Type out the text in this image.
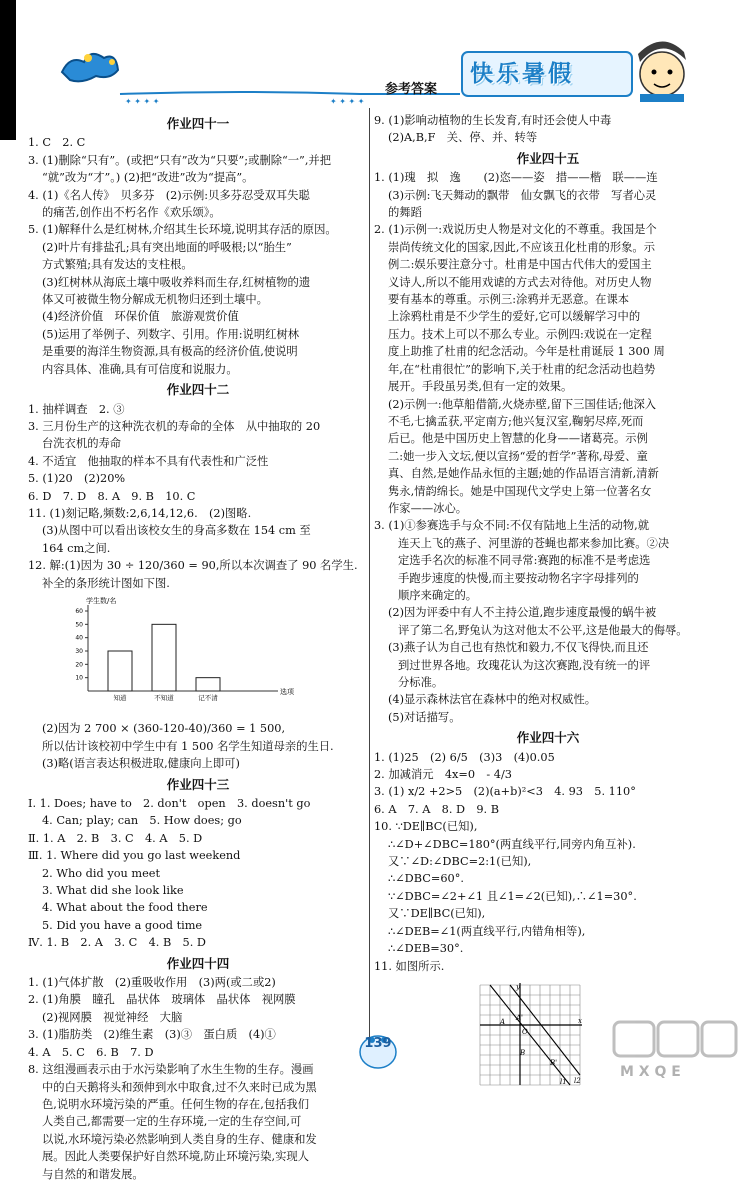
✦ ✦ ✦ ✦	✦ ✦ ✦ ✦
参考答案
快乐暑假
作业四十一
1. C　2. C
3. (1)删除“只有”。(或把“只有”改为“只要”;或删除“一”,并把
“就”改为“才”。) (2)把“改进”改为“提高”。
4. (1)《名人传》　贝多芬　(2)示例:贝多芬忍受双耳失聪
的痛苦,创作出不朽名作《欢乐颂》。
5. (1)解释什么是红树林,介绍其生长环境,说明其存活的原因。
(2)叶片有排盐孔;具有突出地面的呼吸根;以“胎生”
方式繁殖;具有发达的支柱根。
(3)红树林从海底土壤中吸收养料而生存,红树植物的遗
体又可被微生物分解成无机物归还到土壤中。
(4)经济价值　环保价值　旅游观赏价值
(5)运用了举例子、列数字、引用。作用:说明红树林
是重要的海洋生物资源,具有极高的经济价值,使说明
内容具体、准确,具有可信度和说服力。
作业四十二
1. 抽样调查　2. ③
3. 三月份生产的这种洗衣机的寿命的全体　从中抽取的 20
台洗衣机的寿命
4. 不适宜　他抽取的样本不具有代表性和广泛性
5. (1)20　(2)20%
6. D　7. D　8. A　9. B　10. C
11. (1)刻记略,频数:2,6,14,12,6.　(2)图略.
(3)从图中可以看出该校女生的身高多数在 154 cm 至
164 cm之间.
12. 解:(1)因为 30 ÷ 120/360 = 90,所以本次调查了 90 名学生.
补全的条形统计图如下图.
学生数/名
选项
10
20
30
40
50
60
知道	不知道	记不清
(2)因为 2 700 × (360-120-40)/360 = 1 500,
所以估计该校初中学生中有 1 500 名学生知道母亲的生日.
(3)略(语言表达积极进取,健康向上即可)
作业四十三
Ⅰ. 1. Does; have to　2. don't　open　3. doesn't go
4. Can; play; can　5. How does; go
Ⅱ. 1. A　2. B　3. C　4. A　5. D
Ⅲ. 1. Where did you go last weekend
2. Who did you meet
3. What did she look like
4. What about the food there
5. Did you have a good time
Ⅳ. 1. B　2. A　3. C　4. B　5. D
作业四十四
1. (1)气体扩散　(2)重吸收作用　(3)两(或二或2)
2. (1)角膜　瞳孔　晶状体　玻璃体　晶状体　视网膜
(2)视网膜　视觉神经　大脑
3. (1)脂肪类　(2)维生素　(3)③　蛋白质　(4)①
4. A　5. C　6. B　7. D
8. 这组漫画表示由于水污染影响了水生生物的生存。漫画
中的白天鹅将头和颈伸到水中取食,过不久来时已成为黑
色,说明水环境污染的严重。任何生物的存在,包括我们
人类自己,都需要一定的生存环境,一定的生存空间,可
以说,水环境污染必然影响到人类自身的生存、健康和发
展。因此人类要保护好自然环境,防止环境污染,实现人
与自然的和谐发展。
9. (1)影响动植物的生长发育,有时还会使人中毒
(2)A,B,F　关、停、并、转等
作业四十五
1. (1)瑰　拟　逸　　(2)恣——姿　措——楷　联——连
(3)示例:飞天舞动的飘带　仙女飘飞的衣带　写者心灵
的舞蹈
2. (1)示例一:戏说历史人物是对文化的不尊重。我国是个
崇尚传统文化的国家,因此,不应该丑化杜甫的形象。示
例二:娱乐要注意分寸。杜甫是中国古代伟大的爱国主
义诗人,所以不能用戏谑的方式去对待他。对历史人物
要有基本的尊重。示例三:涂鸦并无恶意。在课本
上涂鸦杜甫是不少学生的爱好,它可以缓解学习中的
压力。技术上可以不那么专业。示例四:戏说在一定程
度上助推了杜甫的纪念活动。今年是杜甫诞辰 1 300 周
年,在“杜甫很忙”的影响下,关于杜甫的纪念活动也趋势
展开。手段虽另类,但有一定的效果。
(2)示例一:他草船借箭,火烧赤壁,留下三国佳话;他深入
不毛,七擒孟获,平定南方;他兴复汉室,鞠躬尽瘁,死而
后已。他是中国历史上智慧的化身——诸葛亮。示例
二:她一步入文坛,便以宣扬“爱的哲学”著称,母爱、童
真、自然,是她作品永恒的主题;她的作品语言清新,清新
隽永,情韵绵长。她是中国现代文学史上第一位著名女
作家——冰心。
3. (1)①参赛选手与众不同:不仅有陆地上生活的动物,就
连天上飞的燕子、河里游的苍蝇也都来参加比赛。②决
定选手名次的标准不同寻常:赛跑的标准不是考虑选
手跑步速度的快慢,而主要按动物名字字母排列的
顺序来确定的。
(2)因为评委中有人不主持公道,跑步速度最慢的蜗牛被
评了第二名,野兔认为这对他太不公平,这是他最大的侮辱。
(3)燕子认为自己也有热忱和毅力,不仅飞得快,而且还
到过世界各地。玫瑰花认为这次赛跑,没有统一的评
分标准。
(4)显示森林法官在森林中的绝对权威性。
(5)对话描写。
作业四十六
1. (1)25　(2) 6/5　(3)3　(4)0.05
2. 加减消元　4x=0　- 4/3
3. (1) x/2 +2>5　(2)(a+b)²<3　4. 93　5. 110°
6. A　7. A　8. D　9. B
10. ∵DE∥BC(已知),
∴∠D+∠DBC=180°(两直线平行,同旁内角互补).
又∵∠D:∠DBC=2:1(已知),
∴∠DBC=60°.
∵∠DBC=∠2+∠1 且∠1=∠2(已知),∴∠1=30°.
又∵DE∥BC(已知),
∴∠DEB=∠1(两直线平行,内错角相等),
∴∠DEB=30°.
11. 如图所示.
y
x
O
A A'
B
B'
l1 l2
139
M X Q E
